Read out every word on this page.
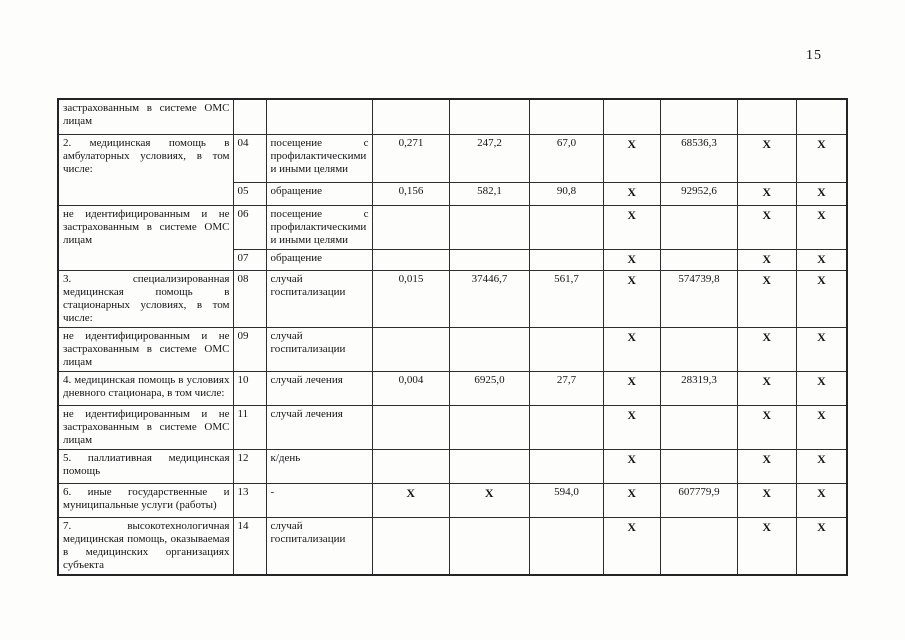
15
застрахованным в системе ОМС лицам									
2. медицинская помощь в амбулаторных условиях, в том числе:	04	посещение с профилактическими и иными целями	0,271	247,2	67,0	X	68536,3	X	X
	05	обращение	0,156	582,1	90,8	X	92952,6	X	X
не идентифицированным и не застрахованным в системе ОМС лицам	06	посещение с профилактическими и иными целями				X		X	X
	07	обращение				X		X	X
3. специализированная медицинская помощь в стационарных условиях, в том числе:	08	случай госпитализации	0,015	37446,7	561,7	X	574739,8	X	X
не идентифицированным и не застрахованным в системе ОМС лицам	09	случай госпитализации				X		X	X
4. медицинская помощь в условиях дневного стационара, в том числе:	10	случай лечения	0,004	6925,0	27,7	X	28319,3	X	X
не идентифицированным и не застрахованным в системе ОМС лицам	11	случай лечения				X		X	X
5. паллиативная медицинская помощь	12	к/день				X		X	X
6. иные государственные и муниципальные услуги (работы)	13	-	X	X	594,0	X	607779,9	X	X
7. высокотехнологичная медицинская помощь, оказываемая в медицинских организациях субъекта	14	случай госпитализации				X		X	X
